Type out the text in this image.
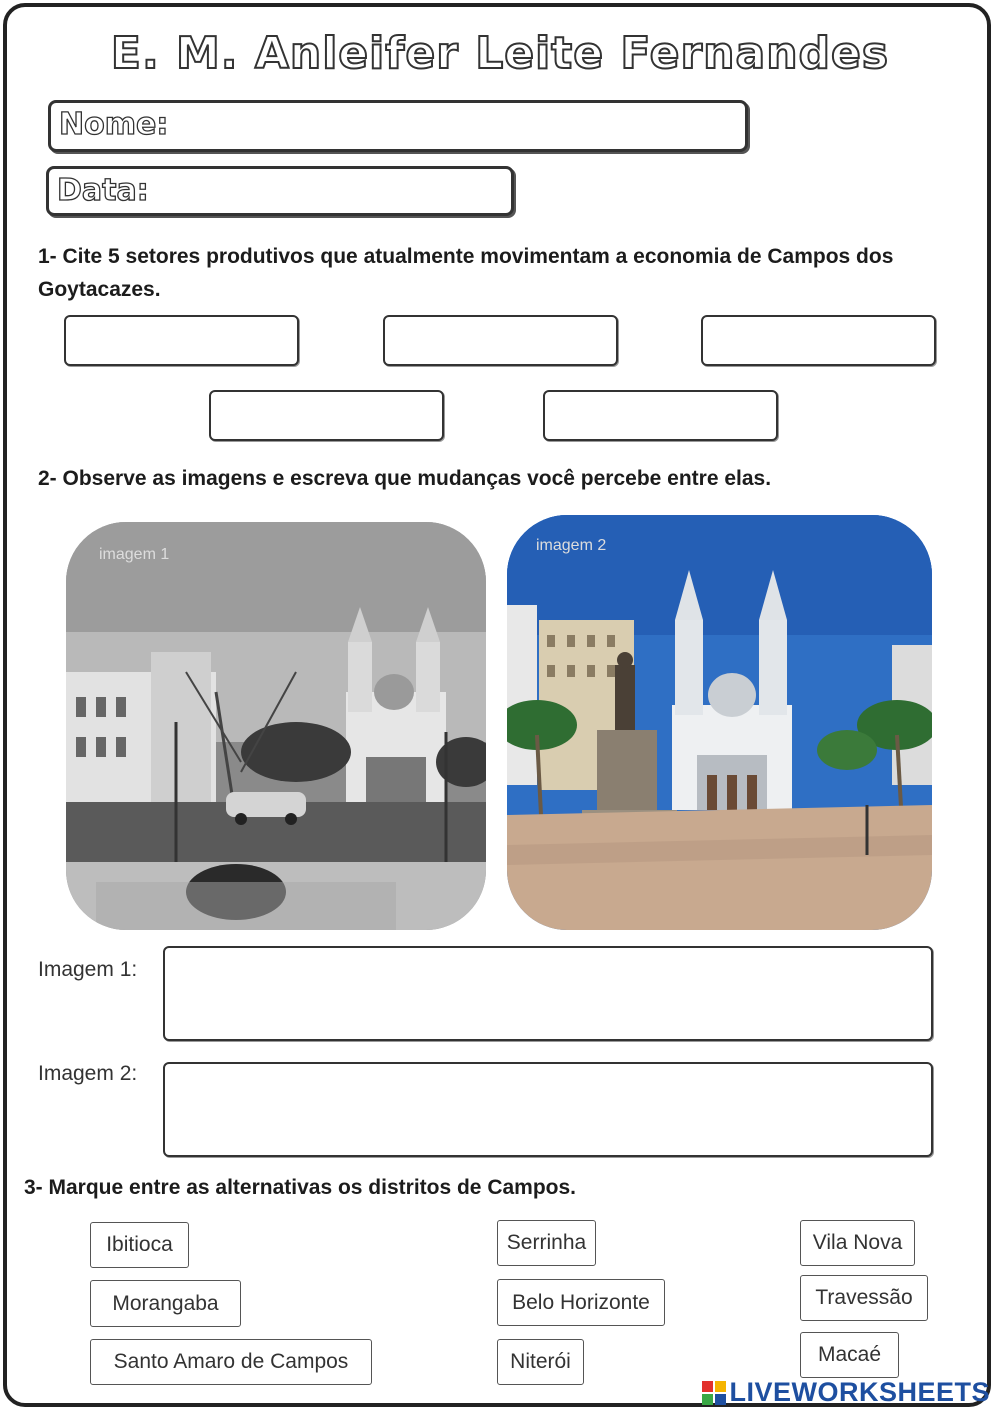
E. M. Anleifer Leite Fernandes
Nome:
Data:
1- Cite 5 setores produtivos que atualmente movimentam a economia de Campos dos Goytacazes.
2- Observe as imagens e escreva que mudanças você percebe entre elas.
imagem 1
imagem 2
Imagem 1:
Imagem 2:
3- Marque entre as alternativas os distritos de Campos.
Ibitioca
Morangaba
Santo Amaro de Campos
Serrinha
Belo Horizonte
Niterói
Vila Nova
Travessão
Macaé
LIVEWORKSHEETS
